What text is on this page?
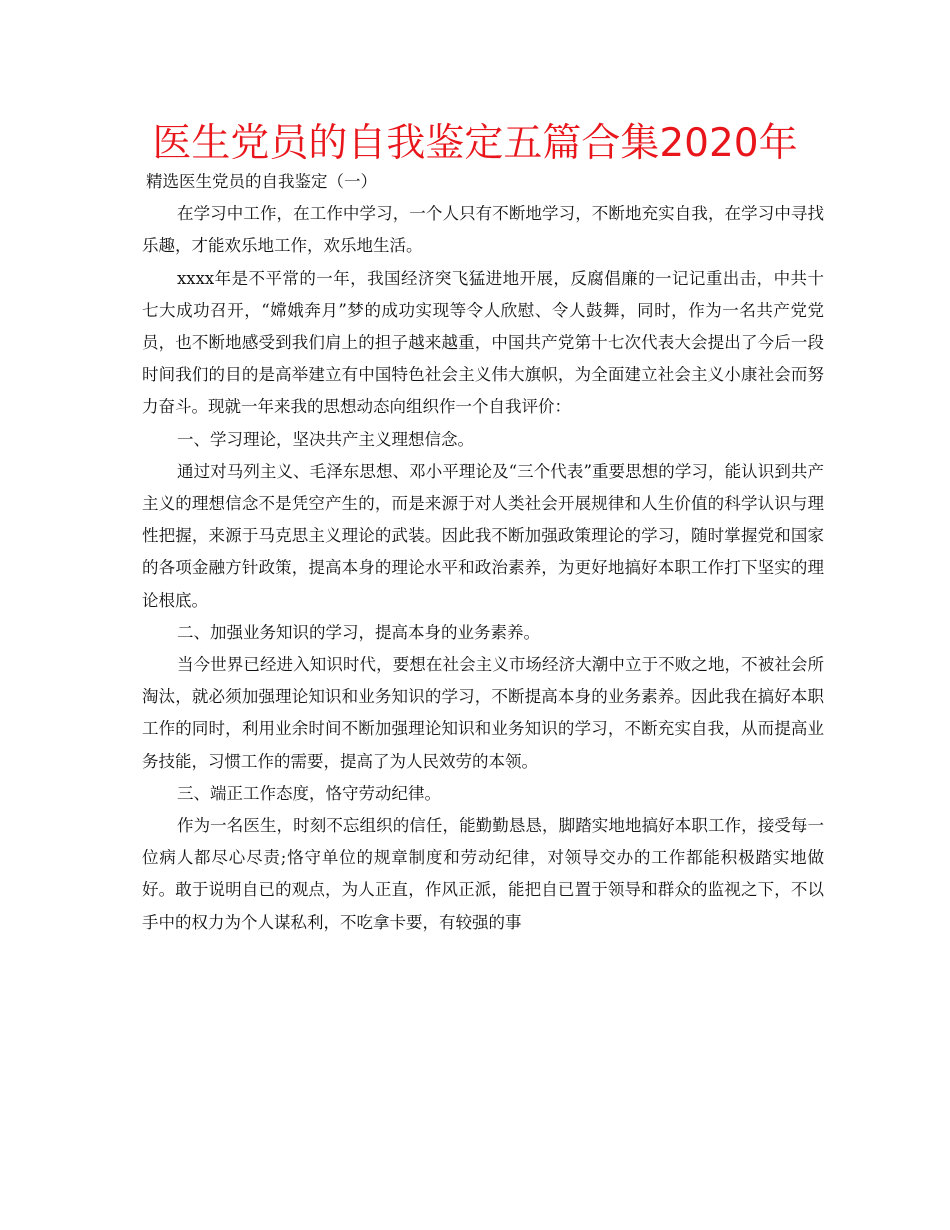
医生党员的自我鉴定五篇合集2020年

精选医生党员的自我鉴定（一）

在学习中工作，在工作中学习，一个人只有不断地学习，不断地充实自我，在学习中寻找乐趣，才能欢乐地工作，欢乐地生活。

xxxx年是不平常的一年，我国经济突飞猛进地开展，反腐倡廉的一记记重出击，中共十七大成功召开，“嫦娥奔月”梦的成功实现等令人欣慰、令人鼓舞，同时，作为一名共产党党员，也不断地感受到我们肩上的担子越来越重，中国共产党第十七次代表大会提出了今后一段时间我们的目的是高举建立有中国特色社会主义伟大旗帜，为全面建立社会主义小康社会而努力奋斗。现就一年来我的思想动态向组织作一个自我评价：

一、学习理论，坚决共产主义理想信念。

通过对马列主义、毛泽东思想、邓小平理论及“三个代表”重要思想的学习，能认识到共产主义的理想信念不是凭空产生的，而是来源于对人类社会开展规律和人生价值的科学认识与理性把握，来源于马克思主义理论的武装。因此我不断加强政策理论的学习，随时掌握党和国家的各项金融方针政策，提高本身的理论水平和政治素养，为更好地搞好本职工作打下坚实的理论根底。

二、加强业务知识的学习，提高本身的业务素养。

当今世界已经进入知识时代，要想在社会主义市场经济大潮中立于不败之地，不被社会所淘汰，就必须加强理论知识和业务知识的学习，不断提高本身的业务素养。因此我在搞好本职工作的同时，利用业余时间不断加强理论知识和业务知识的学习，不断充实自我，从而提高业务技能，习惯工作的需要，提高了为人民效劳的本领。

三、端正工作态度，恪守劳动纪律。

作为一名医生，时刻不忘组织的信任，能勤勤恳恳，脚踏实地地搞好本职工作，接受每一位病人都尽心尽责;恪守单位的规章制度和劳动纪律，对领导交办的工作都能积极踏实地做好。敢于说明自已的观点，为人正直，作风正派，能把自已置于领导和群众的监视之下，不以手中的权力为个人谋私利，不吃拿卡要，有较强的事
